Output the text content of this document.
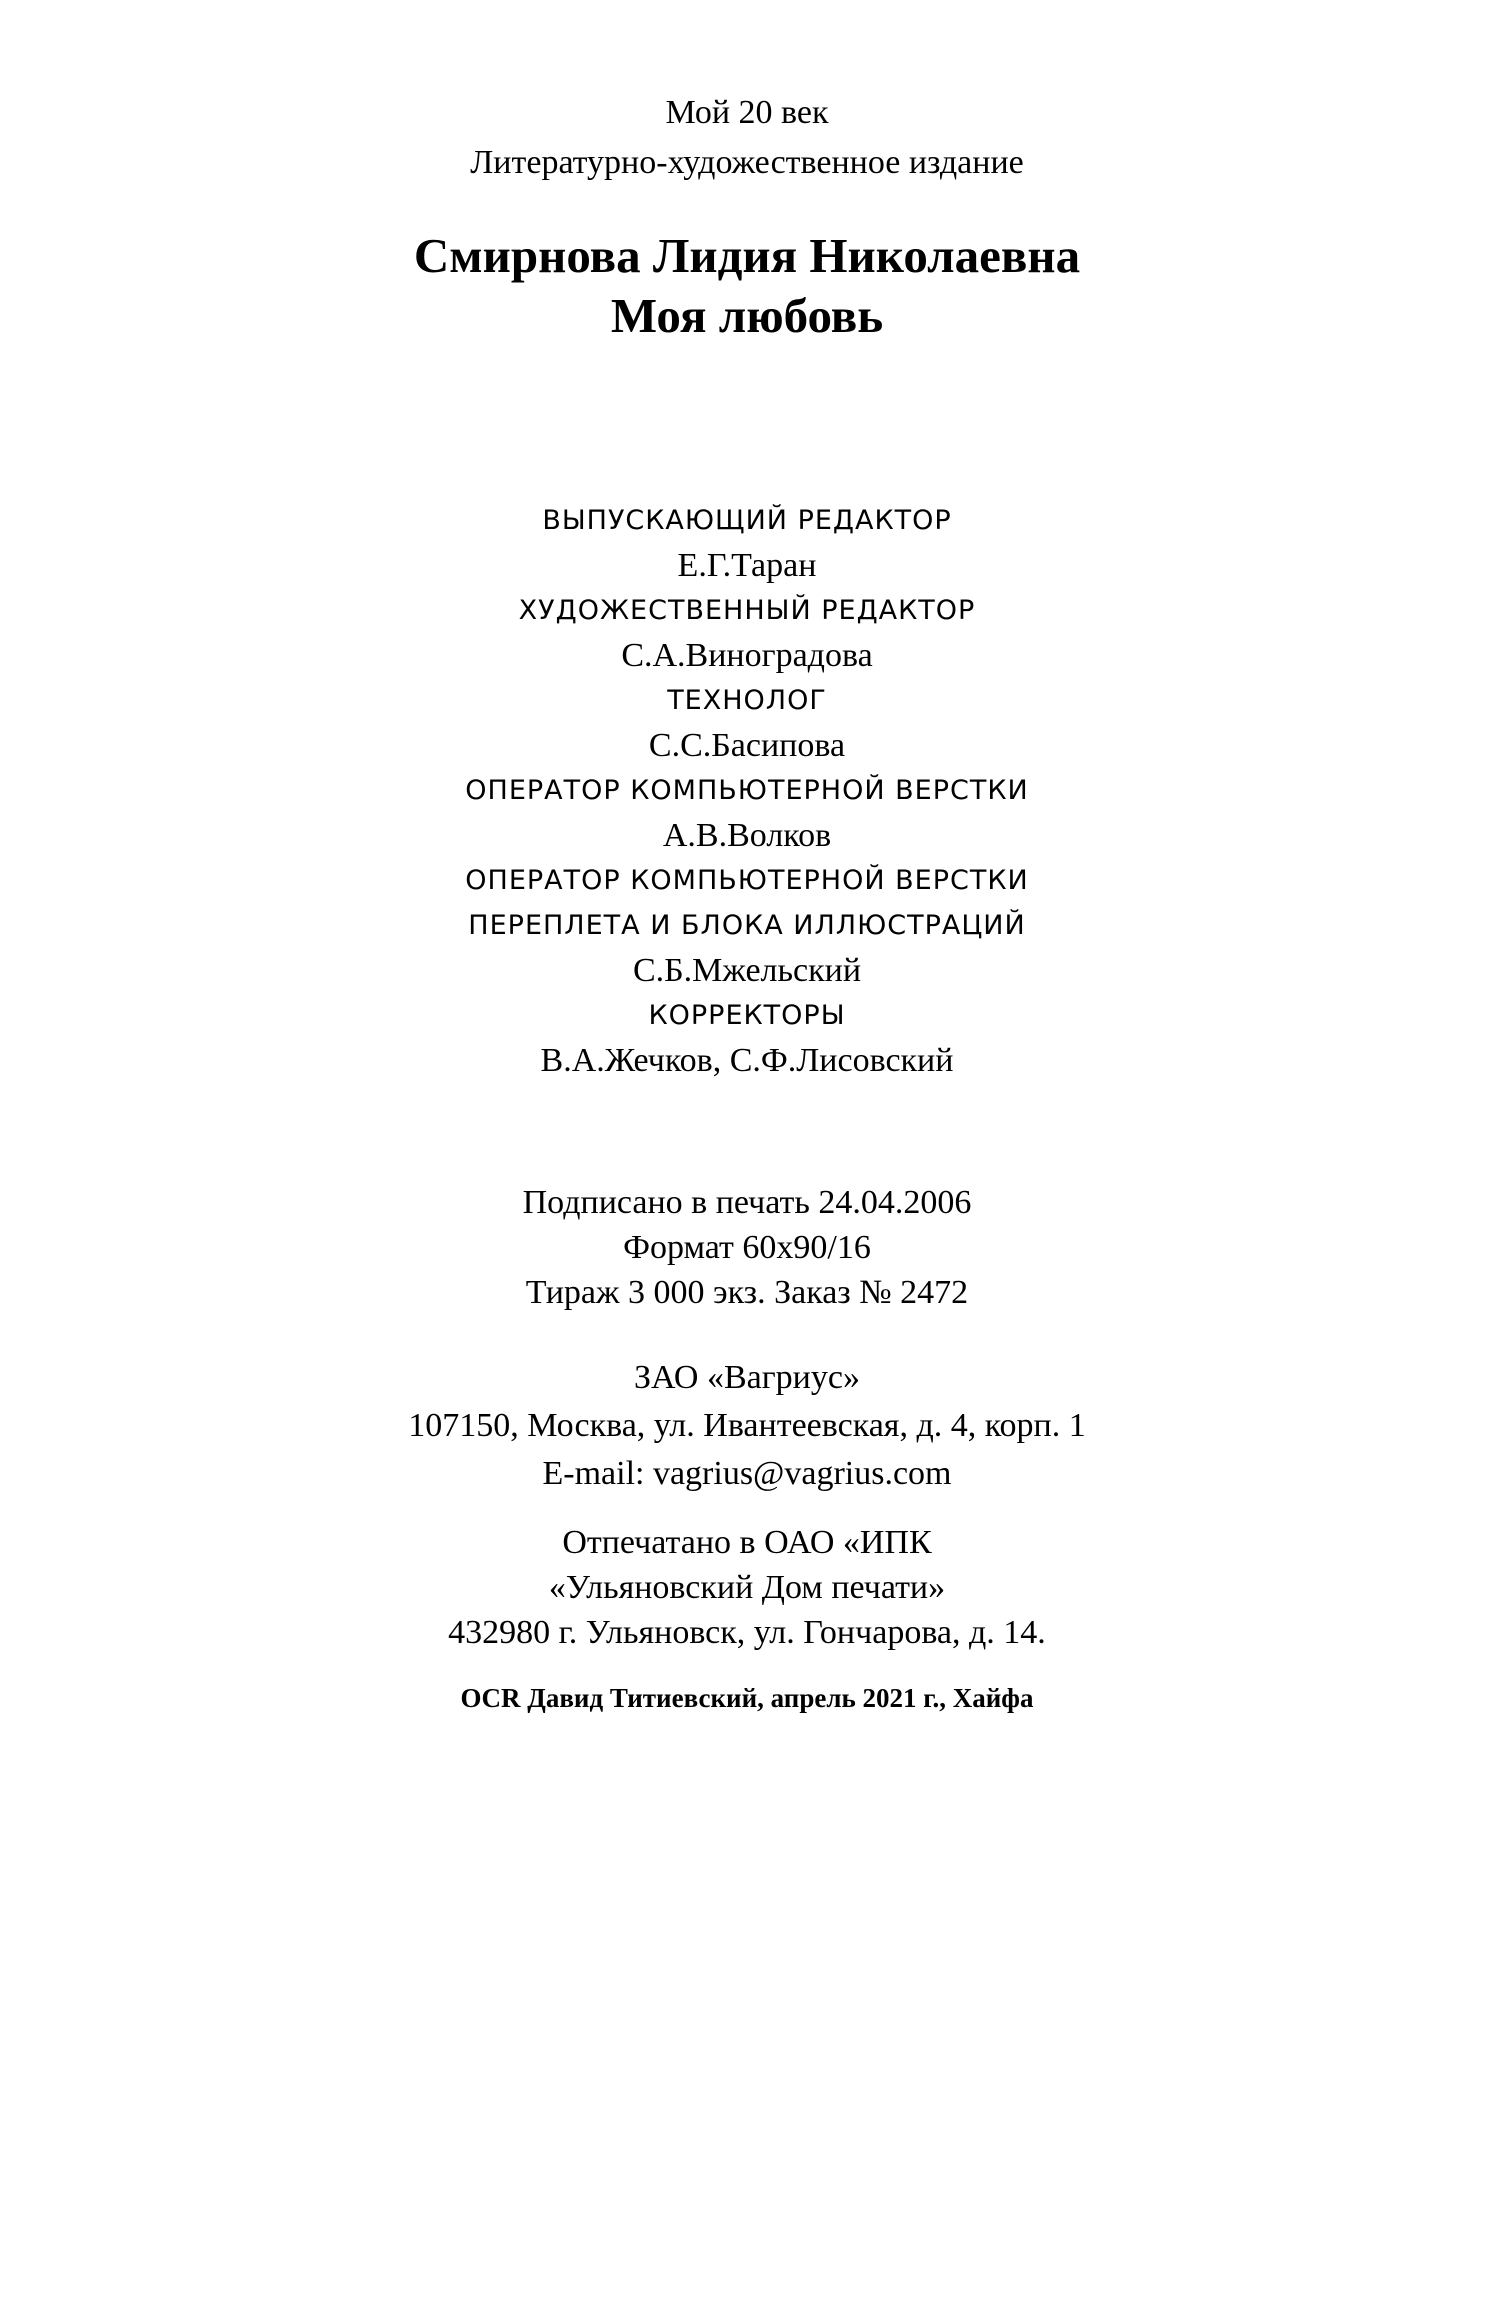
Мой 20 век
Литературно-художественное издание
Смирнова Лидия Николаевна
Моя любовь
ВЫПУСКАЮЩИЙ РЕДАКТОР
Е.Г.Таран
ХУДОЖЕСТВЕННЫЙ РЕДАКТОР
С.А.Виноградова
ТЕХНОЛОГ
С.С.Басипова
ОПЕРАТОР КОМПЬЮТЕРНОЙ ВЕРСТКИ
А.В.Волков
ОПЕРАТОР КОМПЬЮТЕРНОЙ ВЕРСТКИ
ПЕРЕПЛЕТА И БЛОКА ИЛЛЮСТРАЦИЙ
С.Б.Мжельский
КОРРЕКТОРЫ
В.А.Жечков, С.Ф.Лисовский
Подписано в печать 24.04.2006
Формат 60x90/16
Тираж 3 000 экз. Заказ № 2472
ЗАО «Вагриус»
107150, Москва, ул. Ивантеевская, д. 4, корп. 1
E-mail: vagrius@vagrius.com
Отпечатано в ОАО «ИПК
«Ульяновский Дом печати»
432980 г. Ульяновск, ул. Гончарова, д. 14.
OCR Давид Титиевский, апрель 2021 г., Хайфа
